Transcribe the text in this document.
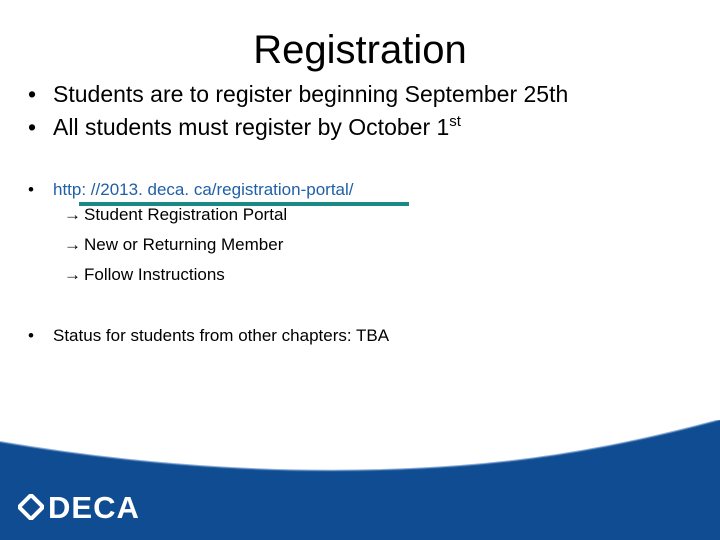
Registration
• Students are to register beginning September 25th
• All students must register by October 1st
• http: //2013. deca. ca/registration-portal/
→ Student Registration Portal
→ New or Returning Member
→ Follow Instructions
• Status for students from other chapters: TBA
DECA
